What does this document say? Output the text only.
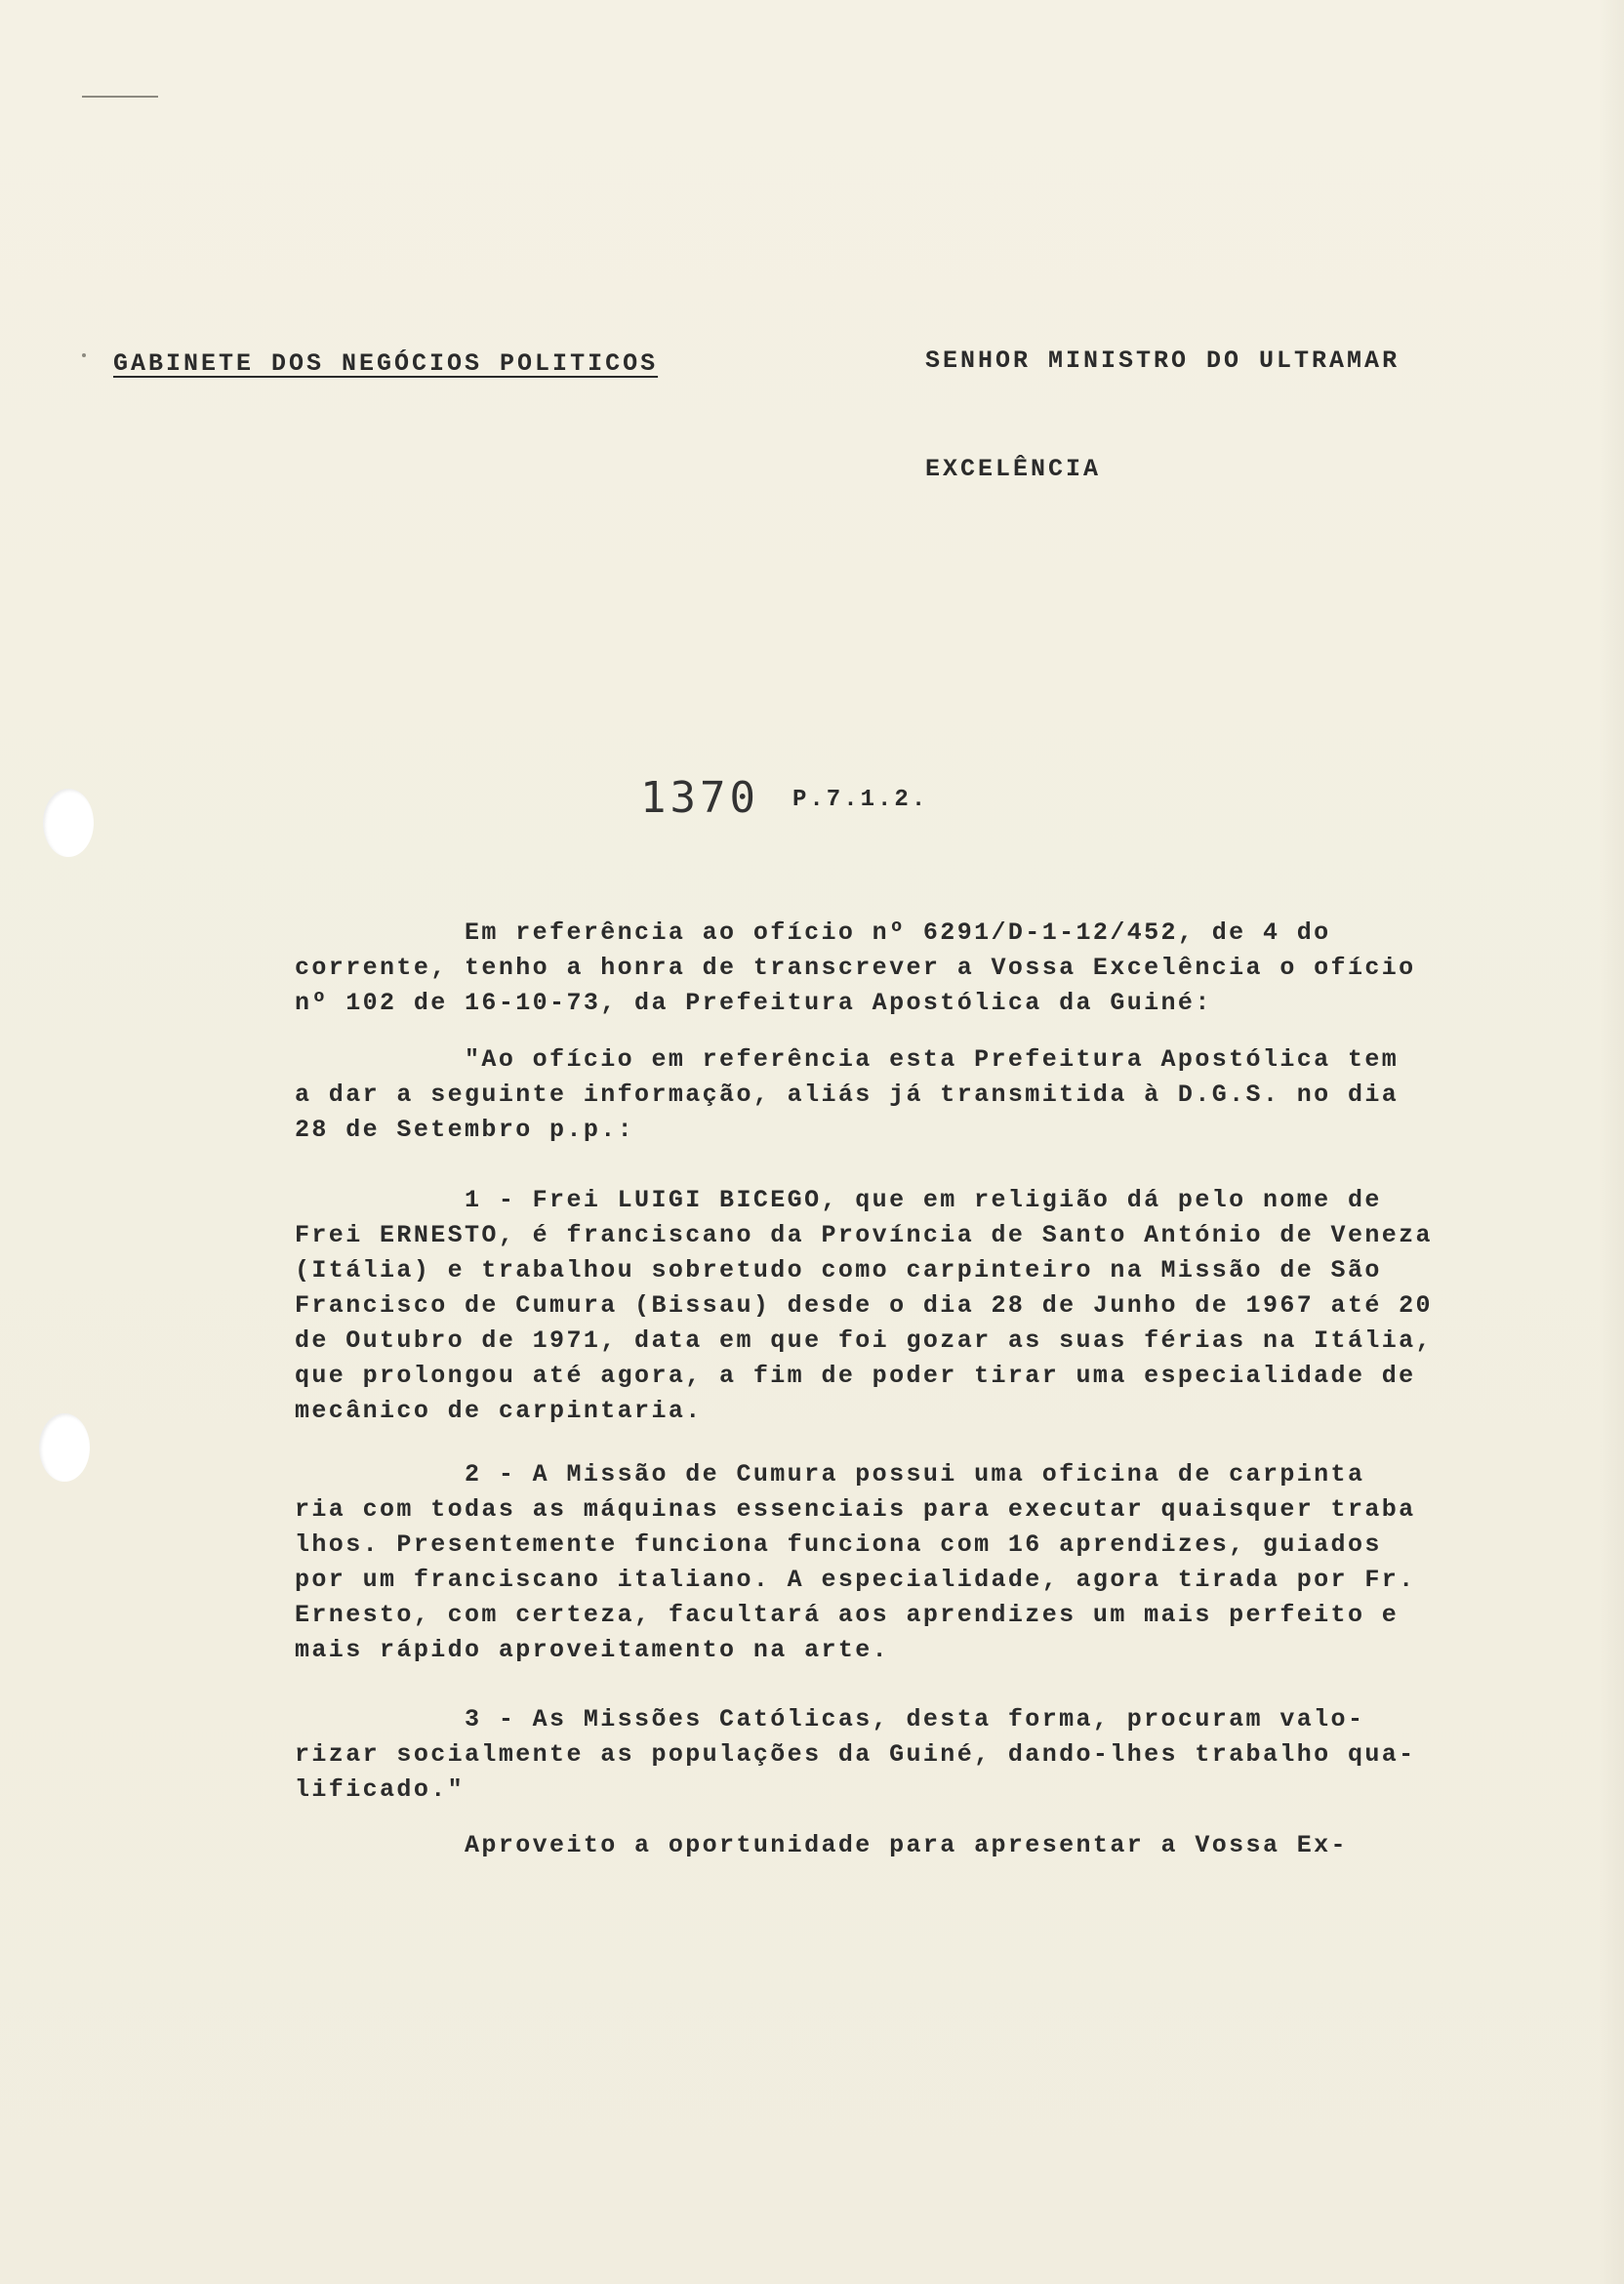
GABINETE DOS NEGÓCIOS POLITICOS	SENHOR MINISTRO DO ULTRAMAR
EXCELÊNCIA
1370 P.7.1.2.
Em referência ao ofício nº 6291/D-1-12/452, de 4 do
corrente, tenho a honra de transcrever a Vossa Excelência o ofício
nº 102 de 16-10-73, da Prefeitura Apostólica da Guiné:
"Ao ofício em referência esta Prefeitura Apostólica tem
a dar a seguinte informação, aliás já transmitida à D.G.S. no dia
28 de Setembro p.p.:
1 - Frei LUIGI BICEGO, que em religião dá pelo nome de
Frei ERNESTO, é franciscano da Província de Santo António de Veneza
(Itália) e trabalhou sobretudo como carpinteiro na Missão de São
Francisco de Cumura (Bissau) desde o dia 28 de Junho de 1967 até 20
de Outubro de 1971, data em que foi gozar as suas férias na Itália,
que prolongou até agora, a fim de poder tirar uma especialidade de
mecânico de carpintaria.
2 - A Missão de Cumura possui uma oficina de carpinta
ria com todas as máquinas essenciais para executar quaisquer traba
lhos. Presentemente funciona funciona com 16 aprendizes, guiados
por um franciscano italiano. A especialidade, agora tirada por Fr.
Ernesto, com certeza, facultará aos aprendizes um mais perfeito e
mais rápido aproveitamento na arte.
3 - As Missões Católicas, desta forma, procuram valo-
rizar socialmente as populações da Guiné, dando-lhes trabalho qua-
lificado."
Aproveito a oportunidade para apresentar a Vossa Ex-
